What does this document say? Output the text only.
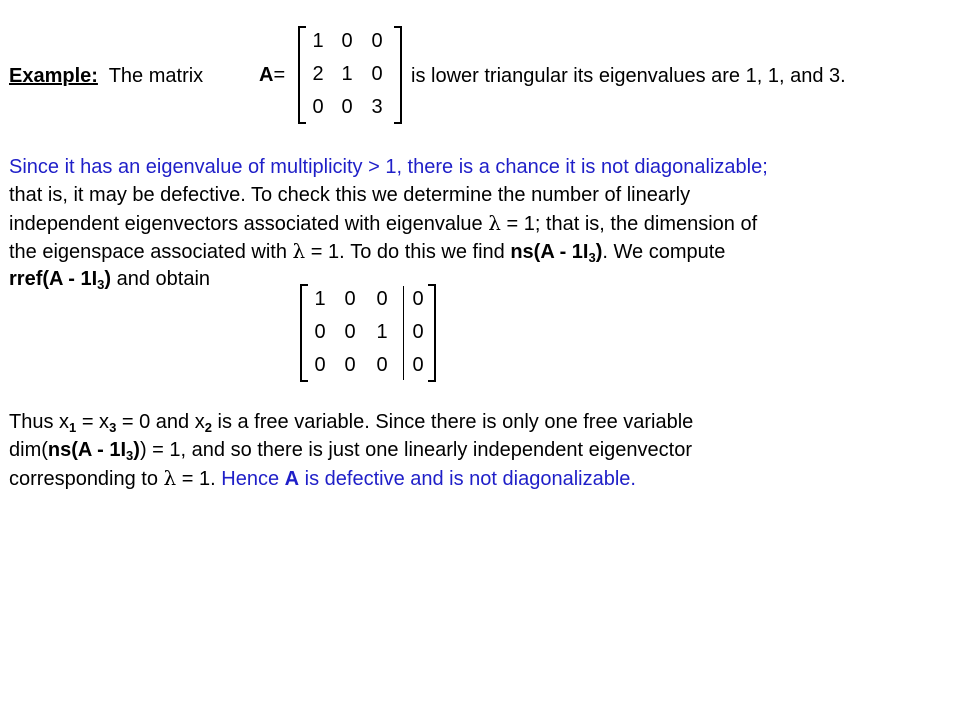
Example: The matrix	A=
1 0 0
2 1 0
0 0 3
is lower triangular its eigenvalues are 1, 1, and 3.
Since it has an eigenvalue of multiplicity > 1, there is a chance it is not diagonalizable;
that is, it may be defective. To check this we determine the number of linearly
independent eigenvectors associated with eigenvalue λ = 1; that is, the dimension of
the eigenspace associated with λ = 1. To do this we find $ns(A - 1I_3)$. We compute
rref(A - $1I_3$) and obtain
1 0 0 0
0 0 1 0
0 0 0 0
Thus $x_1 = x_3 = 0$ and $x_2$ is a free variable. Since there is only one free variable
$dim(ns(A - 1I_3)) = 1$, and so there is just one linearly independent eigenvector
corresponding to λ = 1. Hence A is defective and is not diagonalizable.
